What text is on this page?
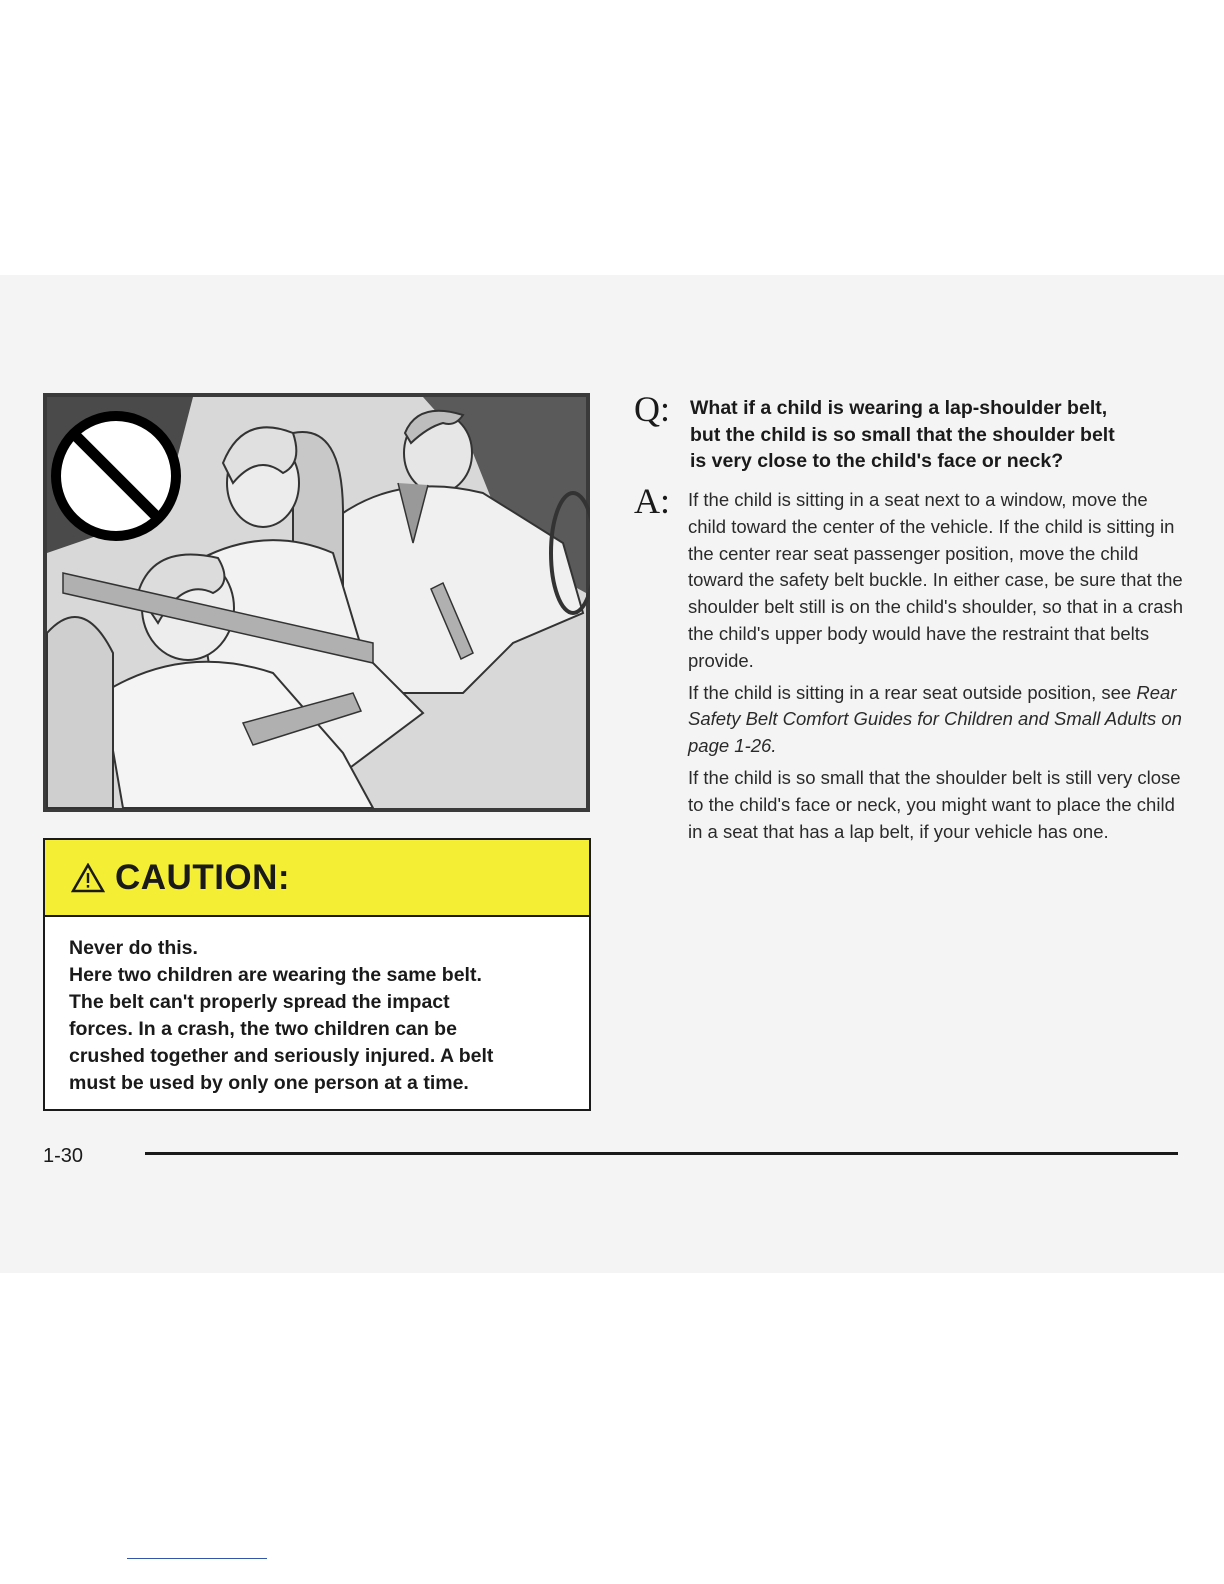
CAUTION:

Never do this.

Here two children are wearing the same belt.

The belt can't properly spread the impact

forces. In a crash, the two children can be

crushed together and seriously injured. A belt

must be used by only one person at a time.

Q: What if a child is wearing a lap-shoulder belt,
but the child is so small that the shoulder belt
is very close to the child's face or neck?
A: If the child is sitting in a seat next to a window, move the child toward the center of the vehicle. If the child is sitting in the center rear seat passenger position, move the child toward the safety belt buckle. In either case, be sure that the shoulder belt still is on the child's shoulder, so that in a crash the child's upper body would have the restraint that belts provide.

If the child is sitting in a rear seat outside position, see Rear Safety Belt Comfort Guides for Children and Small Adults on page 1-26.

If the child is so small that the shoulder belt is still very close to the child's face or neck, you might want to place the child in a seat that has a lap belt, if your vehicle has one.

1-30
